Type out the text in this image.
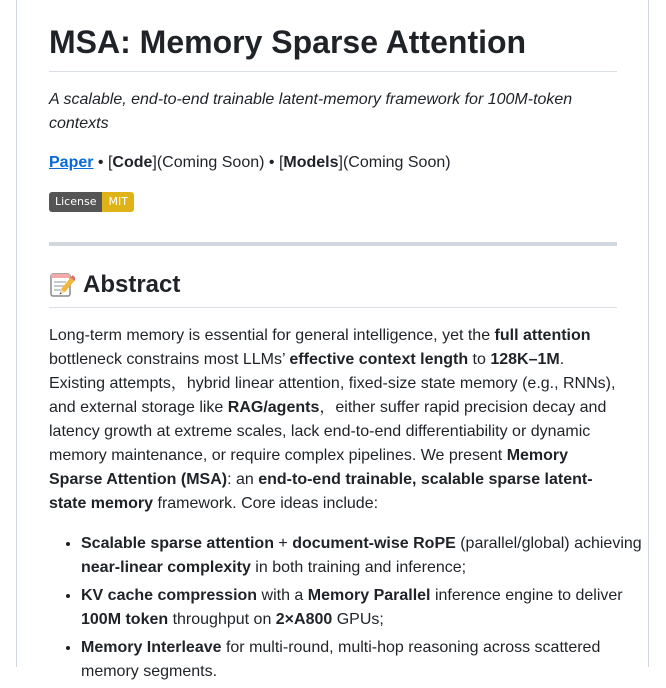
MSA: Memory Sparse Attention
A scalable, end-to-end trainable latent-memory framework for 100M-token contexts
Paper • [Code](Coming Soon) • [Models](Coming Soon)
License	MIT
Abstract

Long-term memory is essential for general intelligence, yet the full attention bottleneck constrains most LLMs’ effective context length to 128K–1M. Existing attempts，hybrid linear attention, fixed-size state memory (e.g., RNNs), and external storage like RAG/agents，either suffer rapid precision decay and latency growth at extreme scales, lack end-to-end differentiability or dynamic memory maintenance, or require complex pipelines. We present Memory Sparse Attention (MSA): an end-to-end trainable, scalable sparse latent-state memory framework. Core ideas include:

• Scalable sparse attention + document-wise RoPE (parallel/global) achieving near-linear complexity in both training and inference;
• KV cache compression with a Memory Parallel inference engine to deliver 100M token throughput on 2×A800 GPUs;
• Memory Interleave for multi-round, multi-hop reasoning across scattered memory segments.
